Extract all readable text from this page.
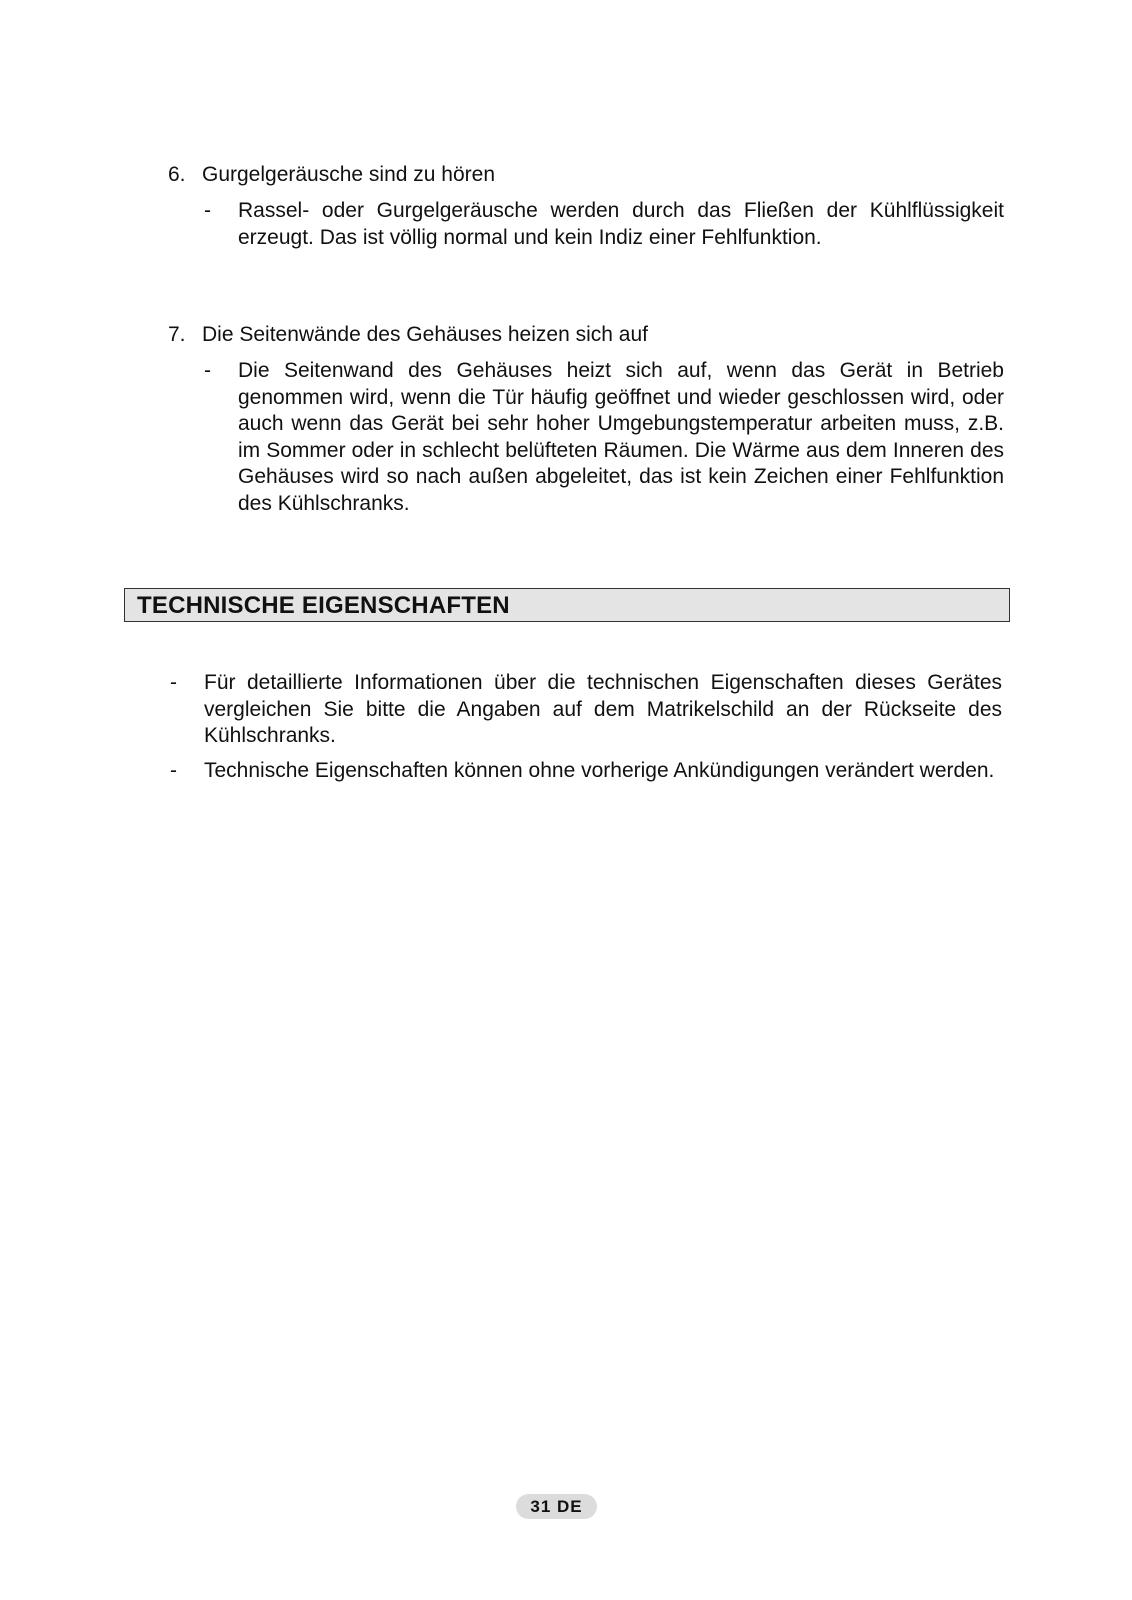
6. Gurgelgeräusche sind zu hören
- Rassel- oder Gurgelgeräusche werden durch das Fließen der Kühlflüssigkeit erzeugt. Das ist völlig normal und kein Indiz einer Fehlfunktion.
7. Die Seitenwände des Gehäuses heizen sich auf
- Die Seitenwand des Gehäuses heizt sich auf, wenn das Gerät in Betrieb genommen wird, wenn die Tür häufig geöffnet und wieder geschlossen wird, oder auch wenn das Gerät bei sehr hoher Umgebungstemperatur arbeiten muss, z.B. im Sommer oder in schlecht belüfteten Räumen. Die Wärme aus dem Inneren des Gehäuses wird so nach außen abgeleitet, das ist kein Zeichen einer Fehlfunktion des Kühlschranks.
TECHNISCHE EIGENSCHAFTEN
- Für detaillierte Informationen über die technischen Eigenschaften dieses Gerätes vergleichen Sie bitte die Angaben auf dem Matrikelschild an der Rückseite des Kühlschranks.
- Technische Eigenschaften können ohne vorherige Ankündigungen verändert werden.
31 DE
